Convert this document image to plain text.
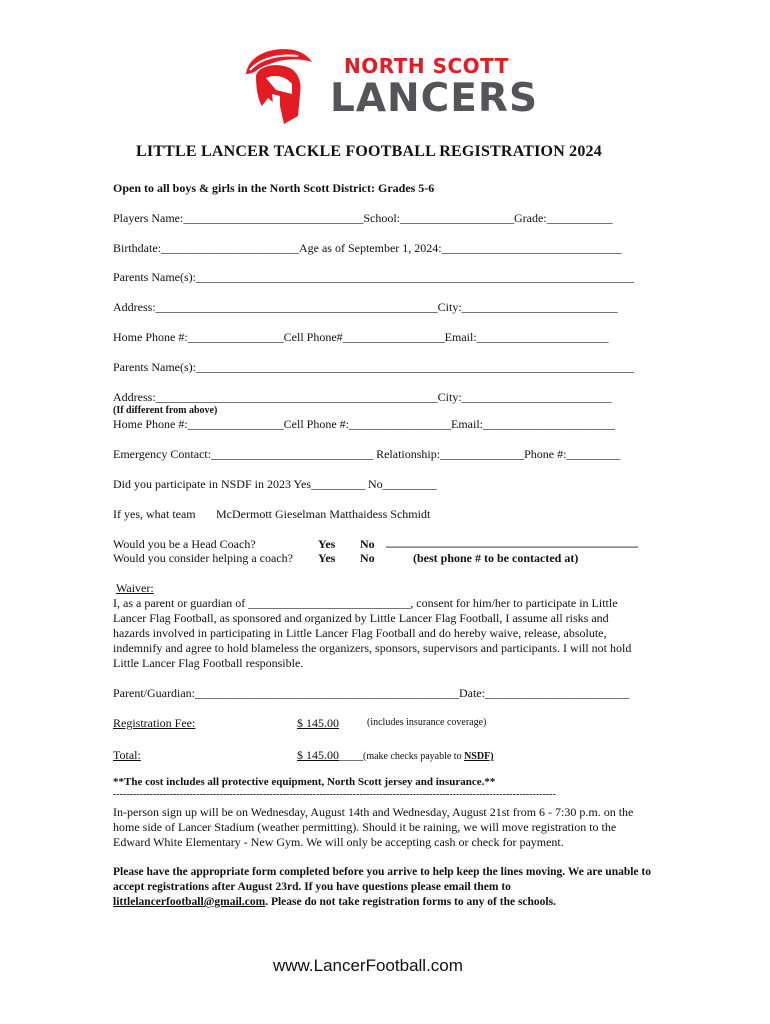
NORTH SCOTT
LANCERS
LITTLE LANCER TACKLE FOOTBALL REGISTRATION 2024
Open to all boys & girls in the North Scott District: Grades 5-6
Players Name:______________________________School:___________________Grade:___________
Birthdate:_______________________Age as of September 1, 2024:______________________________
Parents Name(s):_________________________________________________________________________
Address:_______________________________________________City:__________________________
Home Phone #:________________Cell Phone#_________________Email:______________________
Parents Name(s):_________________________________________________________________________
Address:_______________________________________________City:_________________________
(If different from above)
Home Phone #:________________Cell Phone #:_________________Email:______________________
Emergency Contact:___________________________ Relationship:______________Phone #:_________
Did you participate in NSDF in 2023 Yes_________ No_________
If yes, what team McDermott Gieselman Matthaidess Schmidt
Would you be a Head Coach?	Yes No __________________________________________
Would you consider helping a coach? Yes No	(best phone # to be contacted at)
Waiver:
I, as a parent or guardian of ___________________________, consent for him/her to participate in Little Lancer Flag Football, as sponsored and organized by Little Lancer Flag Football, I assume all risks and hazards involved in participating in Little Lancer Flag Football and do hereby waive, release, absolute, indemnify and agree to hold blameless the organizers, sponsors, supervisors and participants. I will not hold Little Lancer Flag Football responsible.
Parent/Guardian:____________________________________________Date:________________________
Registration Fee:	$ 145.00	(includes insurance coverage)
Total:	$ 145.00____(make checks payable to NSDF)
**The cost includes all protective equipment, North Scott jersey and insurance.**
-------------------------------------------------------------------------------------------------------------------------------------
In-person sign up will be on Wednesday, August 14th and Wednesday, August 21st from 6 - 7:30 p.m. on the home side of Lancer Stadium (weather permitting). Should it be raining, we will move registration to the Edward White Elementary - New Gym. We will only be accepting cash or check for payment.
Please have the appropriate form completed before you arrive to help keep the lines moving. We are unable to accept registrations after August 23rd. If you have questions please email them to littlelancerfootball@gmail.com. Please do not take registration forms to any of the schools.
www.LancerFootball.com
